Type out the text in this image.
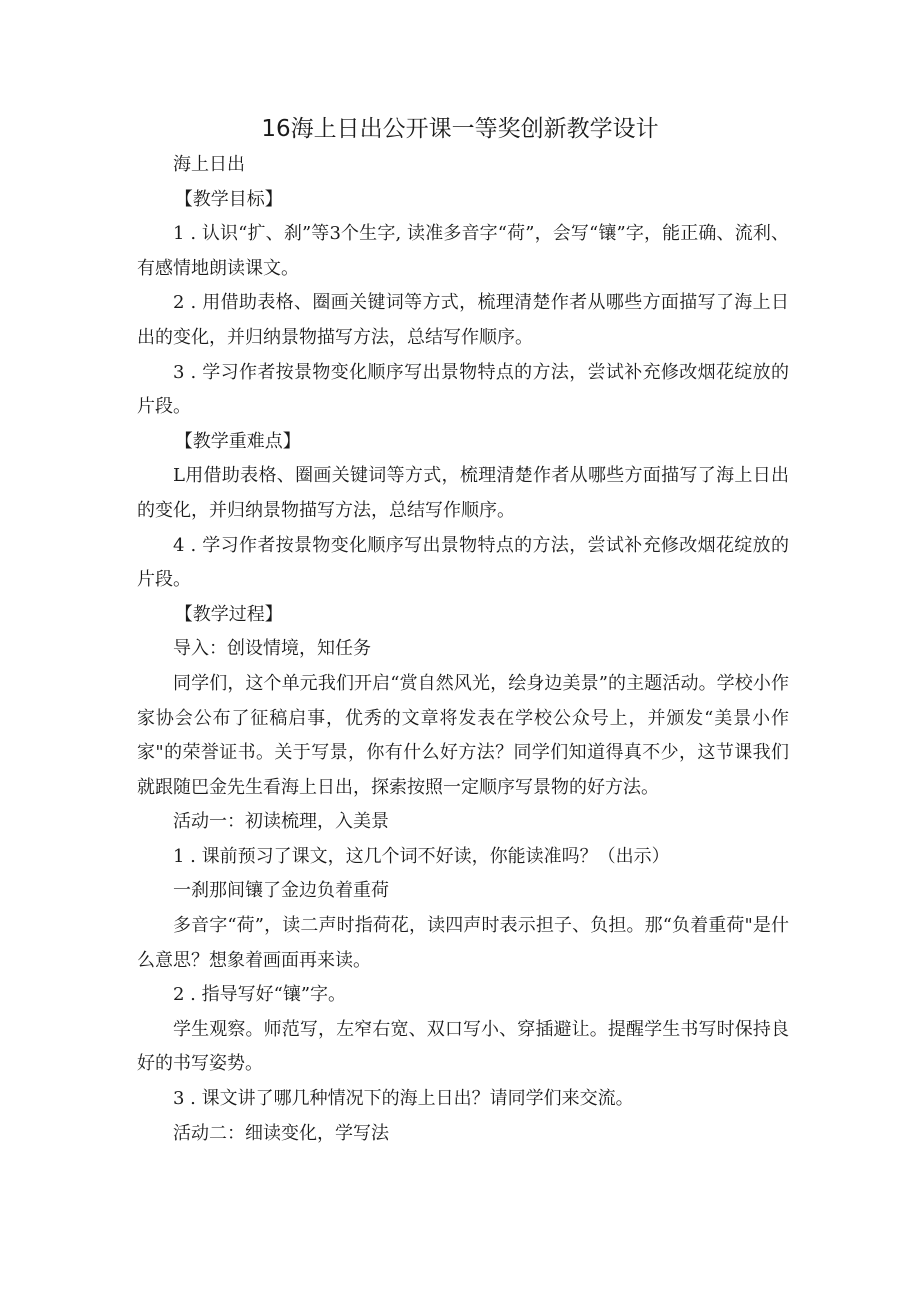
16海上日出公开课一等奖创新教学设计

海上日出

【教学目标】

1 . 认识“扩、刹”等3个生字, 读准多音字“荷”，会写“镶”字，能正确、流利、有感情地朗读课文。

2 . 用借助表格、圈画关键词等方式，梳理清楚作者从哪些方面描写了海上日出的变化，并归纳景物描写方法，总结写作顺序。

3 . 学习作者按景物变化顺序写出景物特点的方法，尝试补充修改烟花绽放的片段。

【教学重难点】

L用借助表格、圈画关键词等方式，梳理清楚作者从哪些方面描写了海上日出的变化，并归纳景物描写方法，总结写作顺序。

4 . 学习作者按景物变化顺序写出景物特点的方法，尝试补充修改烟花绽放的片段。

【教学过程】

导入：创设情境，知任务

同学们，这个单元我们开启“赏自然风光，绘身边美景”的主题活动。学校小作家协会公布了征稿启事，优秀的文章将发表在学校公众号上，并颁发“美景小作家"的荣誉证书。关于写景，你有什么好方法？同学们知道得真不少，这节课我们就跟随巴金先生看海上日出，探索按照一定顺序写景物的好方法。

活动一：初读梳理，入美景

1 . 课前预习了课文，这几个词不好读，你能读准吗？（出示）

一刹那间镶了金边负着重荷

多音字“荷”，读二声时指荷花，读四声时表示担子、负担。那“负着重荷"是什么意思？想象着画面再来读。

2 . 指导写好“镶”字。

学生观察。师范写，左窄右宽、双口写小、穿插避让。提醒学生书写时保持良好的书写姿势。

3 . 课文讲了哪几种情况下的海上日出？请同学们来交流。

活动二：细读变化，学写法
